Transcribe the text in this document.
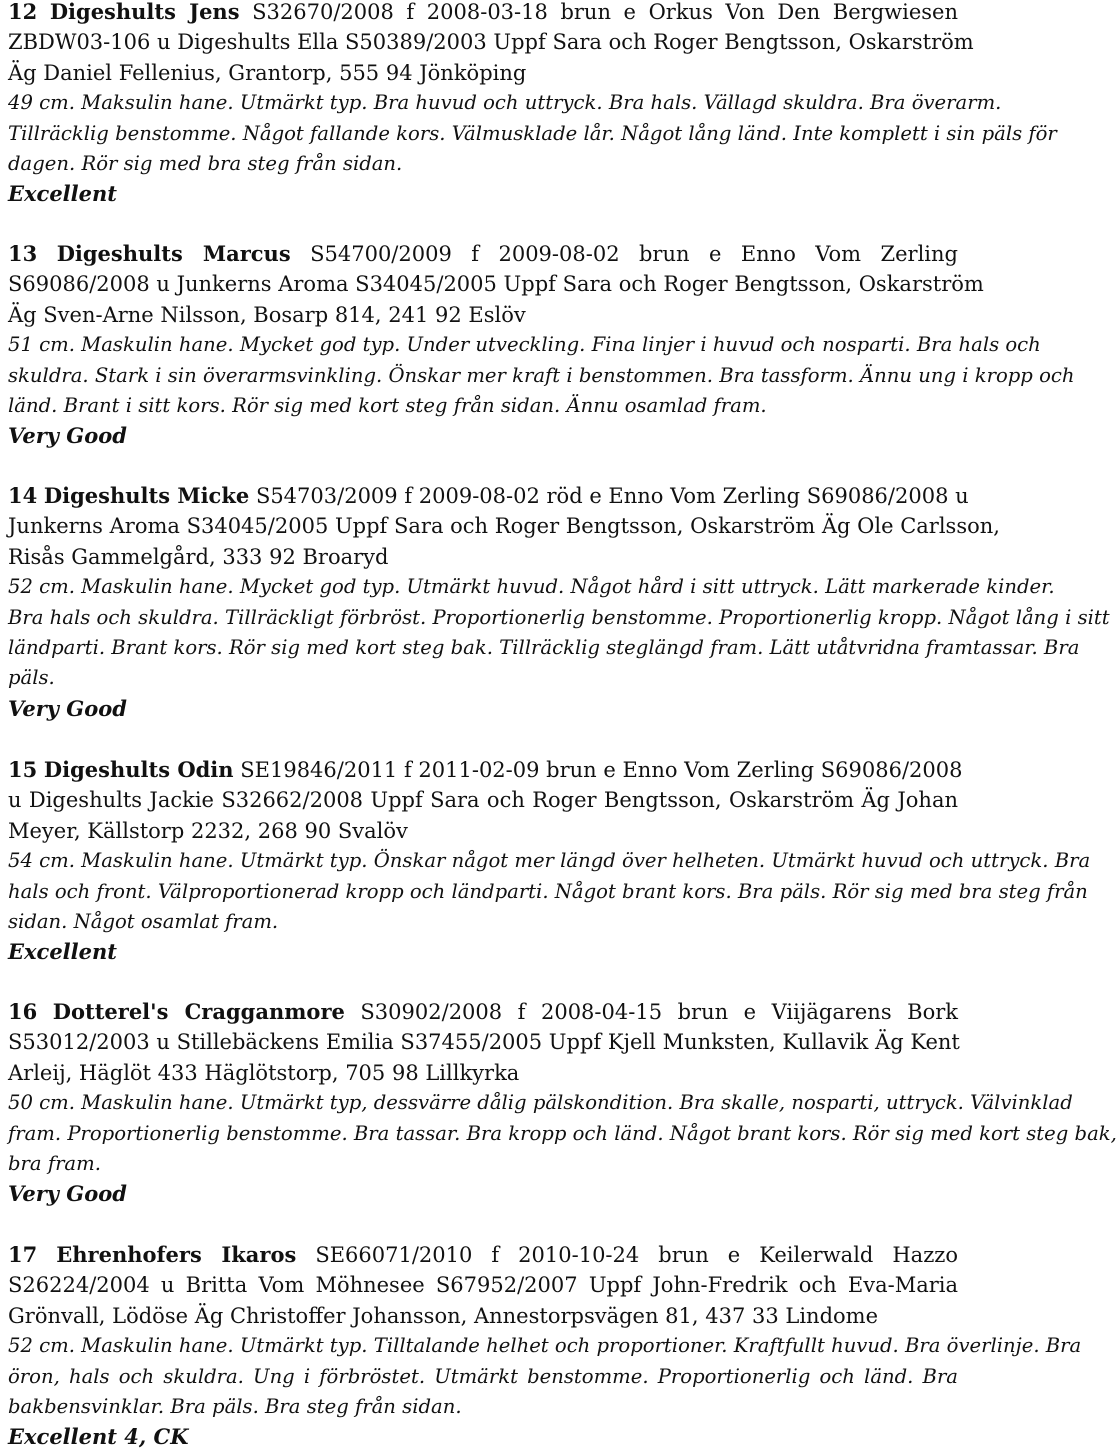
12 Digeshults Jens S32670/2008 f 2008-03-18 brun e Orkus Von Den Bergwiesen
ZBDW03-106 u Digeshults Ella S50389/2003 Uppf Sara och Roger Bengtsson, Oskarström
Äg Daniel Fellenius, Grantorp, 555 94 Jönköping
49 cm. Maksulin hane. Utmärkt typ. Bra huvud och uttryck. Bra hals. Vällagd skuldra. Bra överarm.
Tillräcklig benstomme. Något fallande kors. Välmusklade lår. Något lång länd. Inte komplett i sin päls för
dagen. Rör sig med bra steg från sidan.
Excellent
13 Digeshults Marcus S54700/2009 f 2009-08-02 brun e Enno Vom Zerling
S69086/2008 u Junkerns Aroma S34045/2005 Uppf Sara och Roger Bengtsson, Oskarström
Äg Sven-Arne Nilsson, Bosarp 814, 241 92 Eslöv
51 cm. Maskulin hane. Mycket god typ. Under utveckling. Fina linjer i huvud och nosparti. Bra hals och
skuldra. Stark i sin överarmsvinkling. Önskar mer kraft i benstommen. Bra tassform. Ännu ung i kropp och
länd. Brant i sitt kors. Rör sig med kort steg från sidan. Ännu osamlad fram.
Very Good
14 Digeshults Micke S54703/2009 f 2009-08-02 röd e Enno Vom Zerling S69086/2008 u
Junkerns Aroma S34045/2005 Uppf Sara och Roger Bengtsson, Oskarström Äg Ole Carlsson,
Risås Gammelgård, 333 92 Broaryd
52 cm. Maskulin hane. Mycket god typ. Utmärkt huvud. Något hård i sitt uttryck. Lätt markerade kinder.
Bra hals och skuldra. Tillräckligt förbröst. Proportionerlig benstomme. Proportionerlig kropp. Något lång i sitt
ländparti. Brant kors. Rör sig med kort steg bak. Tillräcklig steglängd fram. Lätt utåtvridna framtassar. Bra
päls.
Very Good
15 Digeshults Odin SE19846/2011 f 2011-02-09 brun e Enno Vom Zerling S69086/2008
u Digeshults Jackie S32662/2008 Uppf Sara och Roger Bengtsson, Oskarström Äg Johan
Meyer, Källstorp 2232, 268 90 Svalöv
54 cm. Maskulin hane. Utmärkt typ. Önskar något mer längd över helheten. Utmärkt huvud och uttryck. Bra
hals och front. Välproportionerad kropp och ländparti. Något brant kors. Bra päls. Rör sig med bra steg från
sidan. Något osamlat fram.
Excellent
16 Dotterel's Cragganmore S30902/2008 f 2008-04-15 brun e Viijägarens Bork
S53012/2003 u Stillebäckens Emilia S37455/2005 Uppf Kjell Munksten, Kullavik Äg Kent
Arleij, Häglöt 433 Häglötstorp, 705 98 Lillkyrka
50 cm. Maskulin hane. Utmärkt typ, dessvärre dålig pälskondition. Bra skalle, nosparti, uttryck. Välvinklad
fram. Proportionerlig benstomme. Bra tassar. Bra kropp och länd. Något brant kors. Rör sig med kort steg bak,
bra fram.
Very Good
17 Ehrenhofers Ikaros SE66071/2010 f 2010-10-24 brun e Keilerwald Hazzo
S26224/2004 u Britta Vom Möhnesee S67952/2007 Uppf John-Fredrik och Eva-Maria
Grönvall, Lödöse Äg Christoffer Johansson, Annestorpsvägen 81, 437 33 Lindome
52 cm. Maskulin hane. Utmärkt typ. Tilltalande helhet och proportioner. Kraftfullt huvud. Bra överlinje. Bra
öron, hals och skuldra. Ung i förbröstet. Utmärkt benstomme. Proportionerlig och länd. Bra
bakbensvinklar. Bra päls. Bra steg från sidan.
Excellent 4, CK
